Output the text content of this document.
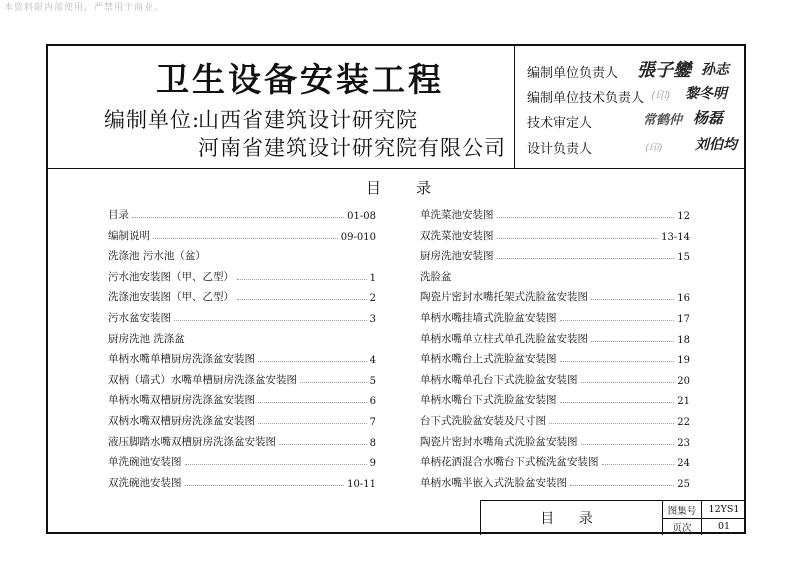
本资料限内部使用，严禁用于商业。
卫生设备安装工程
编制单位:
山西省建筑设计研究院
河南省建筑设计研究院有限公司
编制单位负责人 張子鑾 孙志
编制单位技术负责人 (印) 黎冬明
技术审定人	常鹤仲 杨磊
设计负责人	(印) 刘伯均
目 录
目录	01-08
编制说明	09-010
洗涤池 污水池（盆）
污水池安装图（甲、乙型）	1
洗涤池安装图（甲、乙型）	2
污水盆安装图	3
厨房洗池 洗涤盆
单柄水嘴单槽厨房洗涤盆安装图	4
双柄（墙式）水嘴单槽厨房洗涤盆安装图	5
单柄水嘴双槽厨房洗涤盆安装图	6
双柄水嘴双槽厨房洗涤盆安装图	7
液压脚踏水嘴双槽厨房洗涤盆安装图	8
单洗碗池安装图	9
双洗碗池安装图	10-11
单洗菜池安装图	12
双洗菜池安装图	13-14
厨房洗池安装图	15
洗脸盆
陶瓷片密封水嘴托架式洗脸盆安装图	16
单柄水嘴挂墙式洗脸盆安装图	17
单柄水嘴单立柱式单孔洗脸盆安装图	18
单柄水嘴台上式洗脸盆安装图	19
单柄水嘴单孔台下式洗脸盆安装图	20
单柄水嘴台下式洗脸盆安装图	21
台下式洗脸盆安装及尺寸图	22
陶瓷片密封水嘴角式洗脸盆安装图	23
单柄花洒混合水嘴台下式梳洗盆安装图	24
单柄水嘴半嵌入式洗脸盆安装图	25
目 录	图集号	12YS1
页次	01
